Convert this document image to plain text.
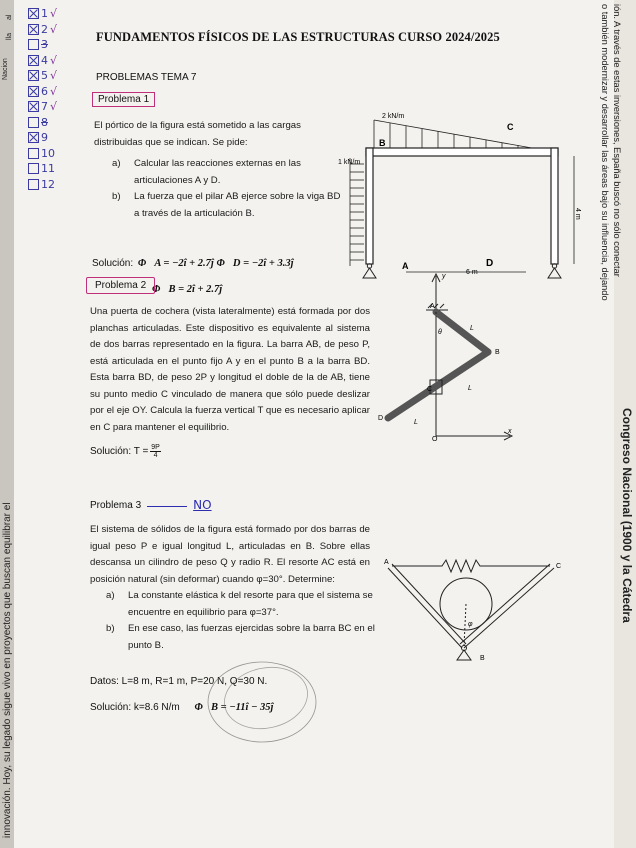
ión. A través de estas inversiones, España buscó no sólo conectar
o también modernizar y desarrollar las áreas bajo su influencia, dejando
Congreso Nacional (1900 y la Cátedra
innovación. Hoy, su legado sigue vivo en proyectos que buscan equilibrar el
Nacion
lla
al	1 √
2 √
3
4 √
5 √
6 √
7 √
8
9
10
11
12
FUNDAMENTOS FÍSICOS DE LAS ESTRUCTURAS CURSO 2024/2025
PROBLEMAS TEMA 7
Problema 1
El pórtico de la figura está sometido a las cargas distribuidas que se indican. Se pide:
a)	Calcular las reacciones externas en las articulaciones A y D.
b)	La fuerza que el pilar AB ejerce sobre la viga BD a través de la articulación B.
Solución: Φ⃗A = −2î + 2.7ĵ Φ⃗D = −2î + 3.3ĵ
Φ⃗B = 2î + 2.7ĵ
2 kN/m
1 kN/m
B
C
A	D
6 m
4 m
Problema 2
Una puerta de cochera (vista lateralmente) está formada por dos planchas articuladas. Este dispositivo es equivalente al sistema de dos barras representado en la figura. La barra AB, de peso P, está articulada en el punto fijo A y en el punto B a la barra BD. Esta barra BD, de peso 2P y longitud el doble de la de AB, tiene su punto medio C vinculado de manera que sólo puede deslizar por el eje OY. Calcula la fuerza vertical T que es necesario aplicar en C para mantener el equilibrio.
Solución: $T = \frac{9P}{4}$
A
B
C
D
O
y
x
L
L
L
θ
Problema 3	NO
El sistema de sólidos de la figura está formado por dos barras de igual peso P e igual longitud L, articuladas en B. Sobre ellas descansa un cilindro de peso Q y radio R. El resorte AC está en posición natural (sin deformar) cuando φ=30°. Determine:
a)	La constante elástica k del resorte para que el sistema se encuentre en equilibrio para φ=37°.
b)	En ese caso, las fuerzas ejercidas sobre la barra BC en el punto B.
Datos: L=8 m, R=1 m, P=20 N, Q=30 N.
Solución: k=8.6 N/m Φ⃗B = −11î − 35ĵ
A
B
C
φ
